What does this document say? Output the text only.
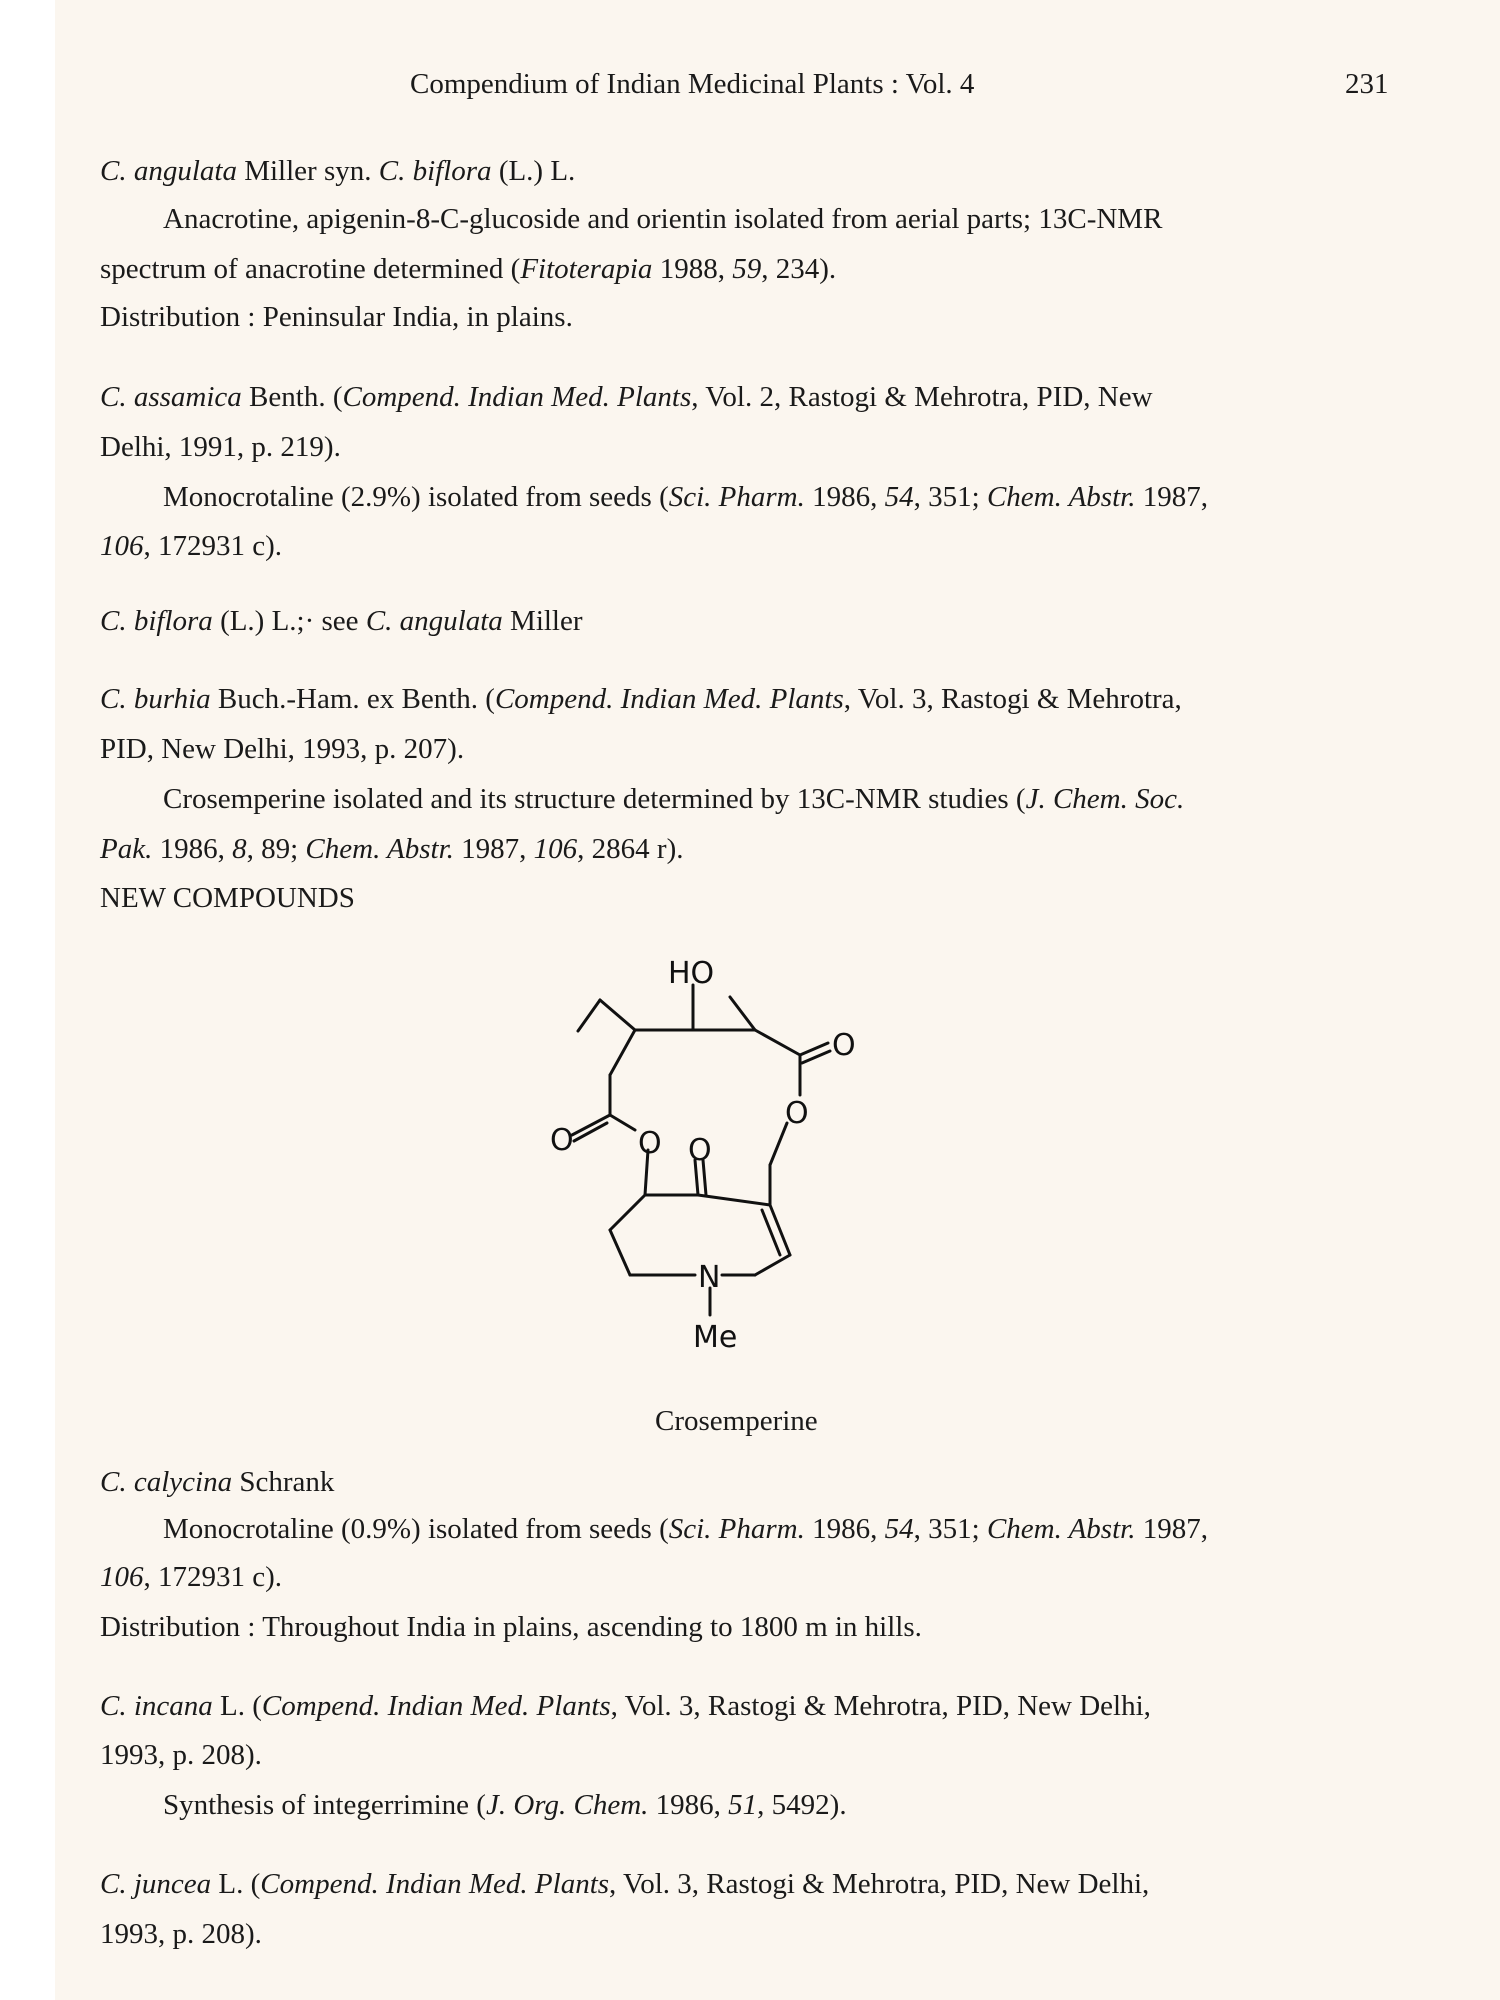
Compendium of Indian Medicinal Plants : Vol. 4	231
C. angulata Miller syn. C. biflora (L.) L.
Anacrotine, apigenin-8-C-glucoside and orientin isolated from aerial parts; 13C-NMR
spectrum of anacrotine determined (Fitoterapia 1988, 59, 234).
Distribution : Peninsular India, in plains.
C. assamica Benth. (Compend. Indian Med. Plants, Vol. 2, Rastogi & Mehrotra, PID, New
Delhi, 1991, p. 219).
Monocrotaline (2.9%) isolated from seeds (Sci. Pharm. 1986, 54, 351; Chem. Abstr. 1987,
106, 172931 c).
C. biflora (L.) L.;· see C. angulata Miller
C. burhia Buch.-Ham. ex Benth. (Compend. Indian Med. Plants, Vol. 3, Rastogi & Mehrotra,
PID, New Delhi, 1993, p. 207).
Crosemperine isolated and its structure determined by 13C-NMR studies (J. Chem. Soc.
Pak. 1986, 8, 89; Chem. Abstr. 1987, 106, 2864 r).
NEW COMPOUNDS
HO
O
O
O O O
N
Me
Crosemperine
C. calycina Schrank
Monocrotaline (0.9%) isolated from seeds (Sci. Pharm. 1986, 54, 351; Chem. Abstr. 1987,
106, 172931 c).
Distribution : Throughout India in plains, ascending to 1800 m in hills.
C. incana L. (Compend. Indian Med. Plants, Vol. 3, Rastogi & Mehrotra, PID, New Delhi,
1993, p. 208).
Synthesis of integerrimine (J. Org. Chem. 1986, 51, 5492).
C. juncea L. (Compend. Indian Med. Plants, Vol. 3, Rastogi & Mehrotra, PID, New Delhi,
1993, p. 208).
